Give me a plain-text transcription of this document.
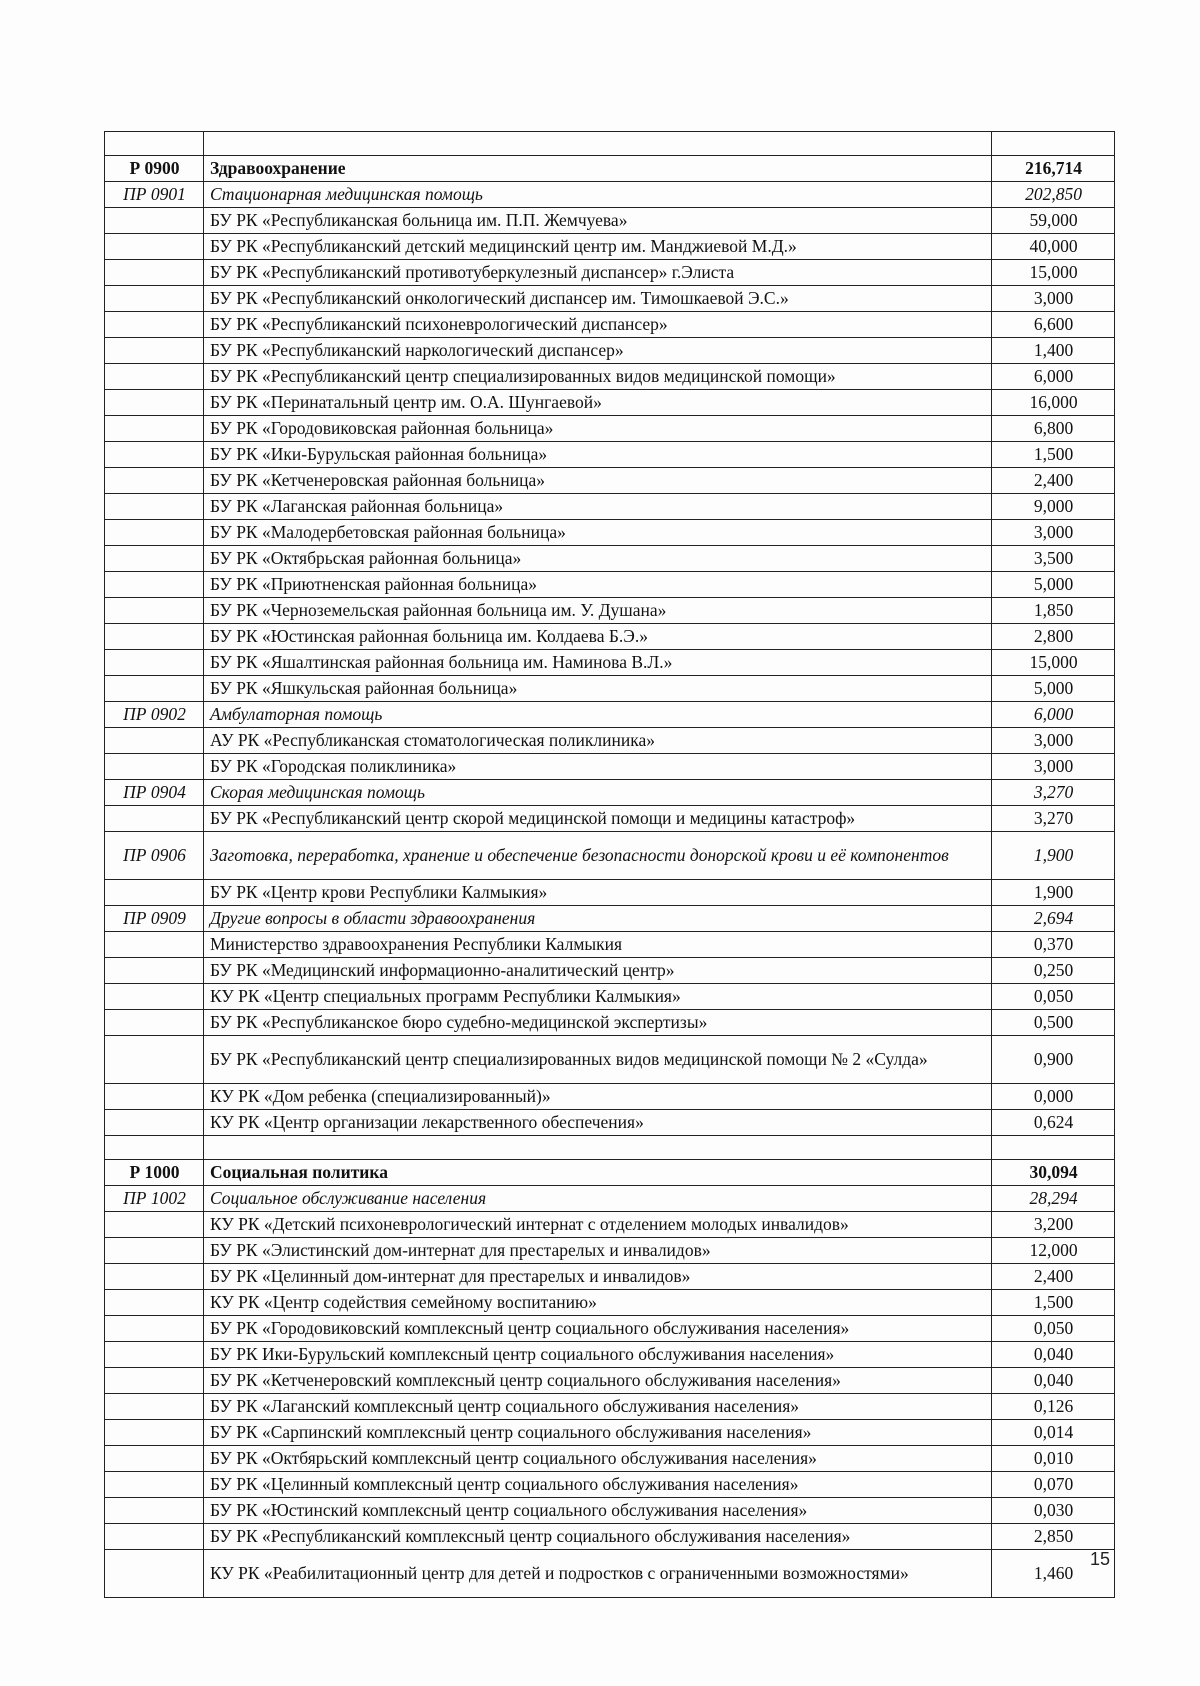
Р 0900	Здравоохранение	216,714
ПР 0901	Стационарная медицинская помощь	202,850
	БУ РК «Республиканская больница им. П.П. Жемчуева»	59,000
	БУ РК «Республиканский детский медицинский центр им. Манджиевой М.Д.»	40,000
	БУ РК «Республиканский противотуберкулезный диспансер» г.Элиста	15,000
	БУ РК «Республиканский онкологический диспансер им. Тимошкаевой Э.С.»	3,000
	БУ РК «Республиканский психоневрологический диспансер»	6,600
	БУ РК «Республиканский наркологический диспансер»	1,400
	БУ РК «Республиканский центр специализированных видов медицинской помощи»	6,000
	БУ РК «Перинатальный центр им. О.А. Шунгаевой»	16,000
	БУ РК «Городовиковская районная больница»	6,800
	БУ РК «Ики-Бурульская районная больница»	1,500
	БУ РК «Кетченеровская районная больница»	2,400
	БУ РК «Лаганская районная больница»	9,000
	БУ РК «Малодербетовская районная больница»	3,000
	БУ РК «Октябрьская районная больница»	3,500
	БУ РК «Приютненская районная больница»	5,000
	БУ РК «Черноземельская районная больница им. У. Душана»	1,850
	БУ РК «Юстинская районная больница им. Колдаева Б.Э.»	2,800
	БУ РК «Яшалтинская районная больница им. Наминова В.Л.»	15,000
	БУ РК «Яшкульская районная больница»	5,000
ПР 0902	Амбулаторная помощь	6,000
	АУ РК «Республиканская стоматологическая поликлиника»	3,000
	БУ РК «Городская поликлиника»	3,000
ПР 0904	Скорая медицинская помощь	3,270
	БУ РК «Республиканский центр скорой медицинской помощи и медицины катастроф»	3,270
ПР 0906	Заготовка, переработка, хранение и обеспечение безопасности донорской крови и её компонентов	1,900
	БУ РК «Центр крови Республики Калмыкия»	1,900
ПР 0909	Другие вопросы в области здравоохранения	2,694
	Министерство здравоохранения Республики Калмыкия	0,370
	БУ РК «Медицинский информационно-аналитический центр»	0,250
	КУ РК «Центр специальных программ Республики Калмыкия»	0,050
	БУ РК «Республиканское бюро судебно-медицинской экспертизы»	0,500
	БУ РК «Республиканский центр специализированных видов медицинской помощи № 2 «Сулда»	0,900
	КУ РК «Дом ребенка (специализированный)»	0,000
	КУ РК «Центр организации лекарственного обеспечения»	0,624

Р 1000	Социальная политика	30,094
ПР 1002	Социальное обслуживание населения	28,294
	КУ РК «Детский психоневрологический интернат с отделением молодых инвалидов»	3,200
	БУ РК «Элистинский дом-интернат для престарелых и инвалидов»	12,000
	БУ РК «Целинный дом-интернат для престарелых и инвалидов»	2,400
	КУ РК «Центр содействия семейному воспитанию»	1,500
	БУ РК «Городовиковский комплексный центр социального обслуживания населения»	0,050
	БУ РК Ики-Бурульский комплексный центр социального обслуживания населения»	0,040
	БУ РК «Кетченеровский комплексный центр социального обслуживания населения»	0,040
	БУ РК «Лаганский комплексный центр социального обслуживания населения»	0,126
	БУ РК «Сарпинский комплексный центр социального обслуживания населения»	0,014
	БУ РК «Октбярьский комплексный центр социального обслуживания населения»	0,010
	БУ РК «Целинный комплексный центр социального обслуживания населения»	0,070
	БУ РК «Юстинский комплексный центр социального обслуживания населения»	0,030
	БУ РК «Республиканский комплексный центр социального обслуживания населения»	2,850
	КУ РК «Реабилитационный центр для детей и подростков с ограниченными возможностями»	1,460
15
